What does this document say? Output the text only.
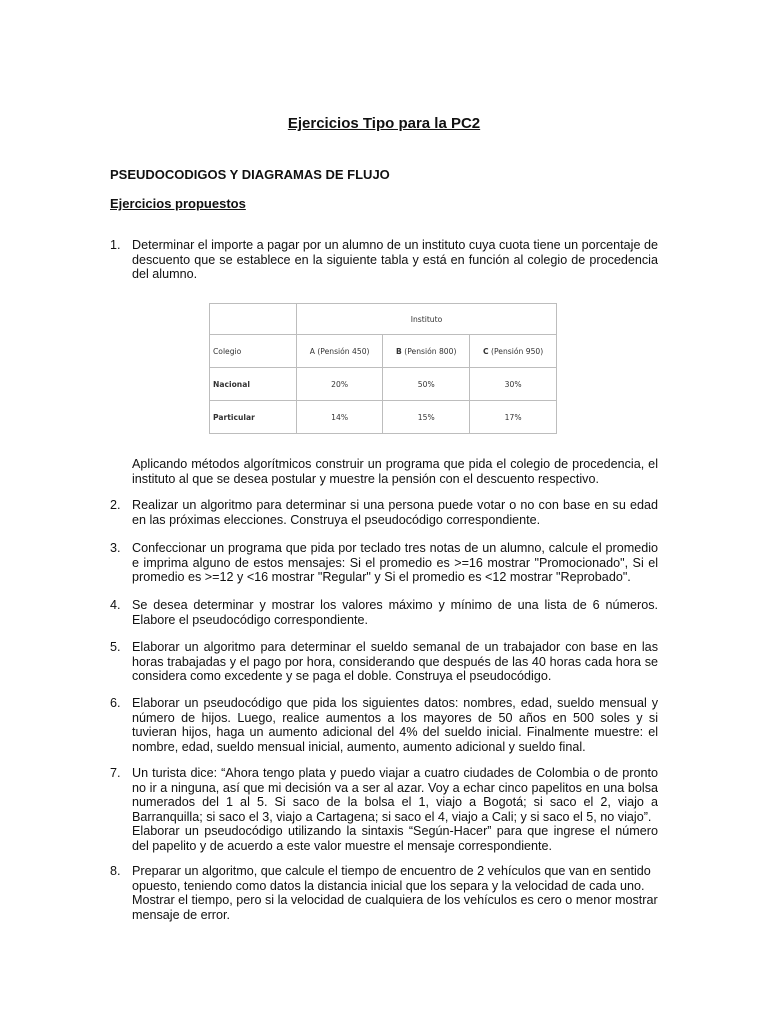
Ejercicios Tipo para la PC2
PSEUDOCODIGOS Y DIAGRAMAS DE FLUJO
Ejercicios propuestos
1. Determinar el importe a pagar por un alumno de un instituto cuya cuota tiene un porcentaje de descuento que se establece en la siguiente tabla y está en función al colegio de procedencia del alumno.
	Instituto		
Colegio	A (Pensión 450)	B (Pensión 800)	C (Pensión 950)
Nacional	20%	50%	30%
Particular	14%	15%	17%

Aplicando métodos algorítmicos construir un programa que pida el colegio de procedencia, el instituto al que se desea postular y muestre la pensión con el descuento respectivo.

2. Realizar un algoritmo para determinar si una persona puede votar o no con base en su edad en las próximas elecciones. Construya el pseudocódigo correspondiente.
3. Confeccionar un programa que pida por teclado tres notas de un alumno, calcule el promedio e imprima alguno de estos mensajes: Si el promedio es >=16 mostrar "Promocionado", Si el promedio es >=12 y <16 mostrar "Regular" y Si el promedio es <12 mostrar "Reprobado".
4. Se desea determinar y mostrar los valores máximo y mínimo de una lista de 6 números. Elabore el pseudocódigo correspondiente.
5. Elaborar un algoritmo para determinar el sueldo semanal de un trabajador con base en las horas trabajadas y el pago por hora, considerando que después de las 40 horas cada hora se considera como excedente y se paga el doble. Construya el pseudocódigo.
6. Elaborar un pseudocódigo que pida los siguientes datos: nombres, edad, sueldo mensual y número de hijos. Luego, realice aumentos a los mayores de 50 años en 500 soles y si tuvieran hijos, haga un aumento adicional del 4% del sueldo inicial. Finalmente muestre: el nombre, edad, sueldo mensual inicial, aumento, aumento adicional y sueldo final.
7. Un turista dice: “Ahora tengo plata y puedo viajar a cuatro ciudades de Colombia o de pronto no ir a ninguna, así que mi decisión va a ser al azar. Voy a echar cinco papelitos en una bolsa numerados del 1 al 5. Si saco de la bolsa el 1, viajo a Bogotá; si saco el 2, viajo a Barranquilla; si saco el 3, viajo a Cartagena; si saco el 4, viajo a Cali; y si saco el 5, no viajo”.

Elaborar un pseudocódigo utilizando la sintaxis “Según-Hacer” para que ingrese el número del papelito y de acuerdo a este valor muestre el mensaje correspondiente.

8. Preparar un algoritmo, que calcule el tiempo de encuentro de 2 vehículos que van en sentido opuesto, teniendo como datos la distancia inicial que los separa y la velocidad de cada uno. Mostrar el tiempo, pero si la velocidad de cualquiera de los vehículos es cero o menor mostrar mensaje de error.
